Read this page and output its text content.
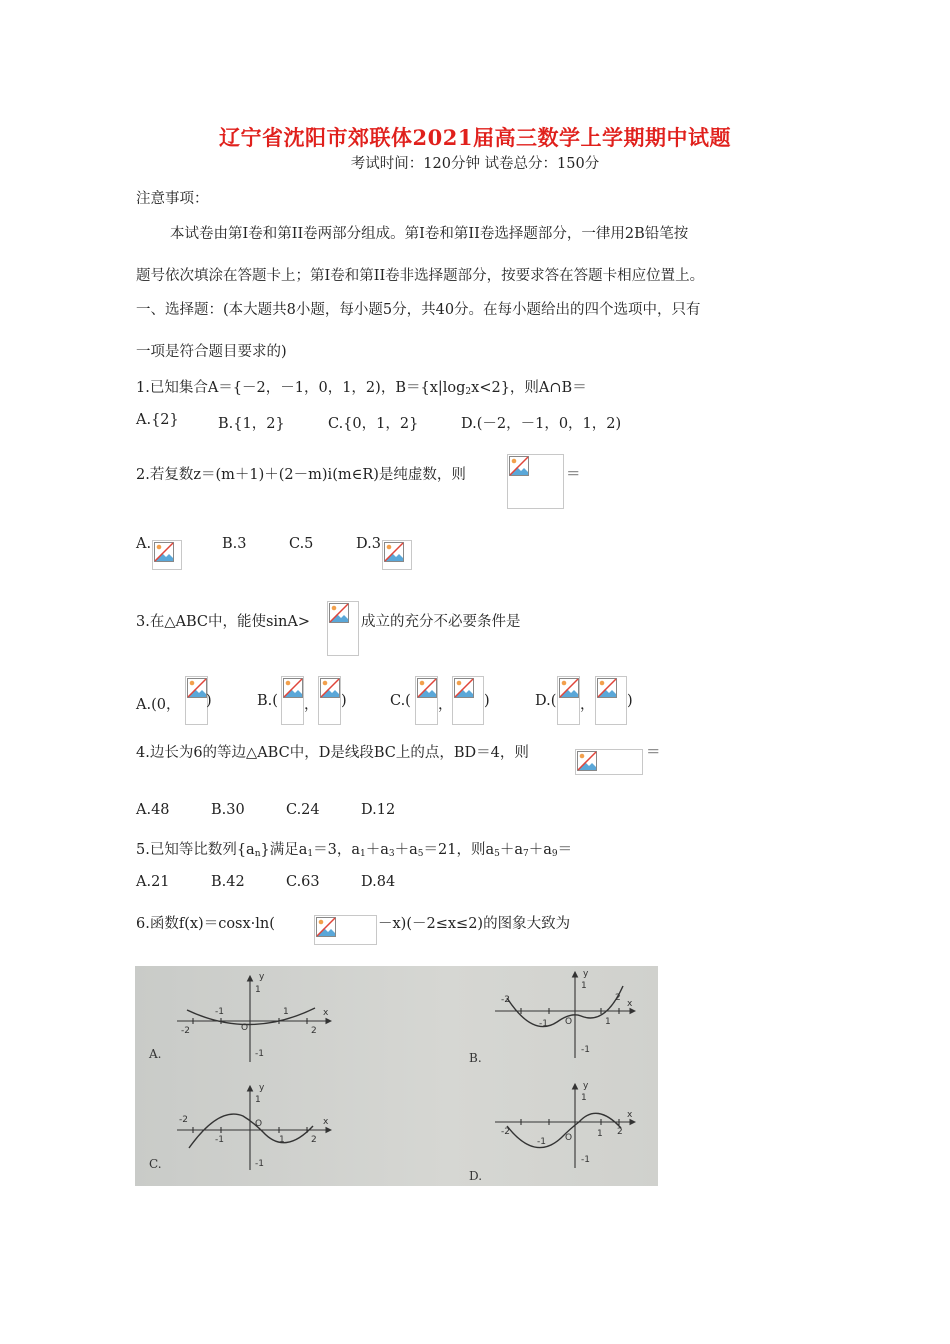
辽宁省沈阳市郊联体2021届高三数学上学期期中试题
考试时间：120分钟 试卷总分：150分
注意事项：
本试卷由第Ⅰ卷和第II卷两部分组成。第Ⅰ卷和第II卷选择题部分，一律用2B铅笔按
题号依次填涂在答题卡上；第Ⅰ卷和第II卷非选择题部分，按要求答在答题卡相应位置上。
一、选择题：(本大题共8小题，每小题5分，共40分。在每小题给出的四个选项中，只有
一项是符合题目要求的)
1.已知集合A＝{－2，－1，0，1，2)，$B=\{x|\log_2x<2\}$，则A∩B＝
A.{2}	B.{1，2}	C.{0，1，2}	D.(－2，－1，0，1，2)
2.若复数z＝(m＋1)＋(2－m)i(m∈R)是纯虚数，则	＝
A.	B.3	C.5	D.3
3.在△ABC中，能使sinA>	成立的充分不必要条件是
A.(0， )	B.( ， )	C.( ， )	D.( ， )
4.边长为6的等边△ABC中，D是线段BC上的点，BD＝4，则	＝
A.48	B.30	C.24	D.12
5.已知等比数列$\{a_n\}$满足$a_1=3$，$a_1+a_3+a_5=21$，则$a_5+a_7+a_9=$
A.21	B.42	C.63	D.84
6.函数f(x)＝cosx·ln(	－x)(－2≤x≤2)的图象大致为
y
1
x
-2
-1
O
1
2
-1
A.
y
1
x
-2
-1 O	1
2
-1
B.
y
1
x
-2
-1
O
1	2
-1
C.
y
1
x
-2
-1 O	1 2
-1
D.
